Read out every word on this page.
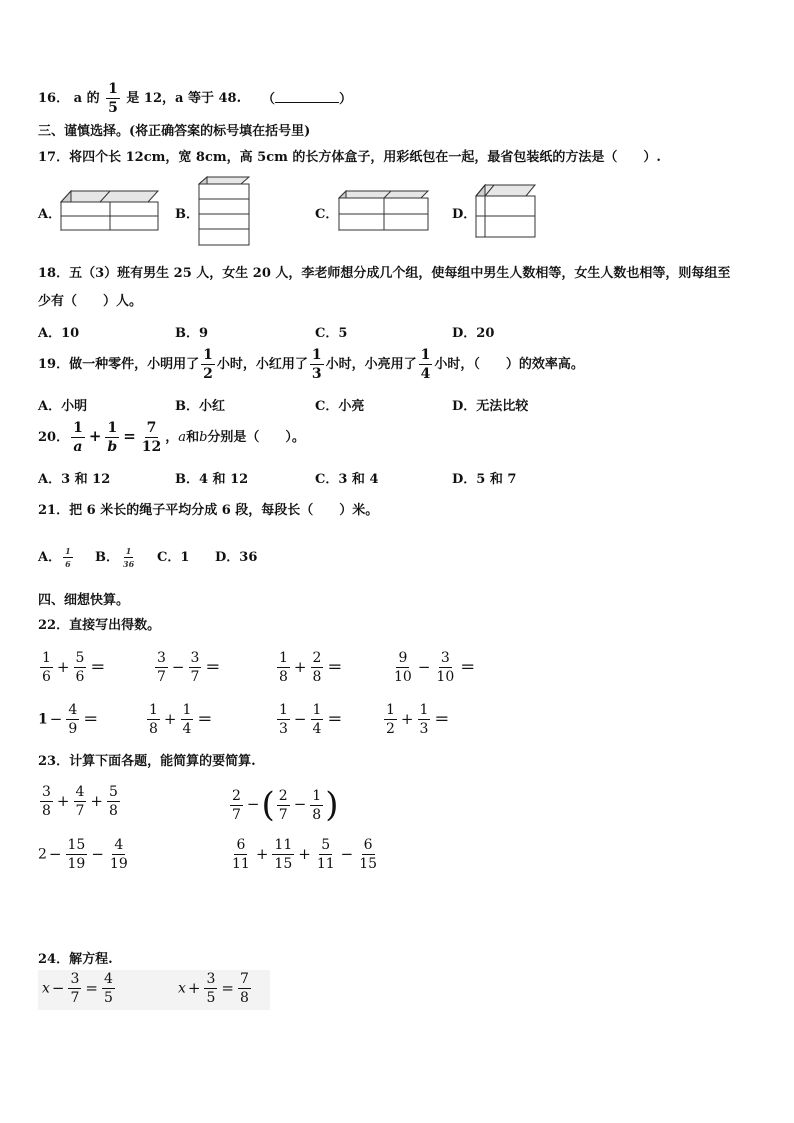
16． a 的 $\frac{1}{5}$ 是 12，a 等于 48. （	）
三、谨慎选择。(将正确答案的标号填在括号里)
17．将四个长 12cm，宽 8cm，高 5cm 的长方体盒子，用彩纸包在一起，最省包装纸的方法是（　　）.
A．	B．	C．	D．
18．五（3）班有男生 25 人，女生 20 人，李老师想分成几个组，使每组中男生人数相等，女生人数也相等，则每组至
少有（　　）人。
A．10	B．9	C．5	D．20
19．做一种零件，小明用了 $\frac{1}{2}$ 小时，小红用了 $\frac{1}{3}$ 小时，小亮用了 $\frac{1}{4}$ 小时，（　　）的效率高。
A．小明	B．小红	C．小亮	D．无法比较
20． $\frac{1}{a} + \frac{1}{b} = \frac{7}{12}$ ，a和b分别是（　　）。
A．3 和 12	B．4 和 12	C．3 和 4	D．5 和 7
21．把 6 米长的绳子平均分成 6 段，每段长（　　）米。
A． $\frac{1}{6}$ B． $\frac{1}{36}$ C．1 D．36
四、细想快算。
22．直接写出得数。
$\frac{1}{6} + \frac{5}{6}$ ＝	$\frac{3}{7} - \frac{3}{7}$ ＝	$\frac{1}{8} + \frac{2}{8}$ ＝	$\frac{9}{10} - \frac{3}{10}$ ＝
$1 - \frac{4}{9}$ ＝	$\frac{1}{8} + \frac{1}{4}$ ＝	$\frac{1}{3} - \frac{1}{4}$ ＝	$\frac{1}{2} + \frac{1}{3}$ ＝
23．计算下面各题，能简算的要简算.
$\frac{3}{8} + \frac{4}{7} + \frac{5}{8}$	$\frac{2}{7}$ −( $\frac{2}{7} - \frac{1}{8}$ )
$2 - \frac{15}{19} - \frac{4}{19}$	$\frac{6}{11} + \frac{11}{15} + \frac{5}{11} - \frac{6}{15}$
24．解方程.
$x - \frac{3}{7} = \frac{4}{5}$	$x + \frac{3}{5} = \frac{7}{8}$
